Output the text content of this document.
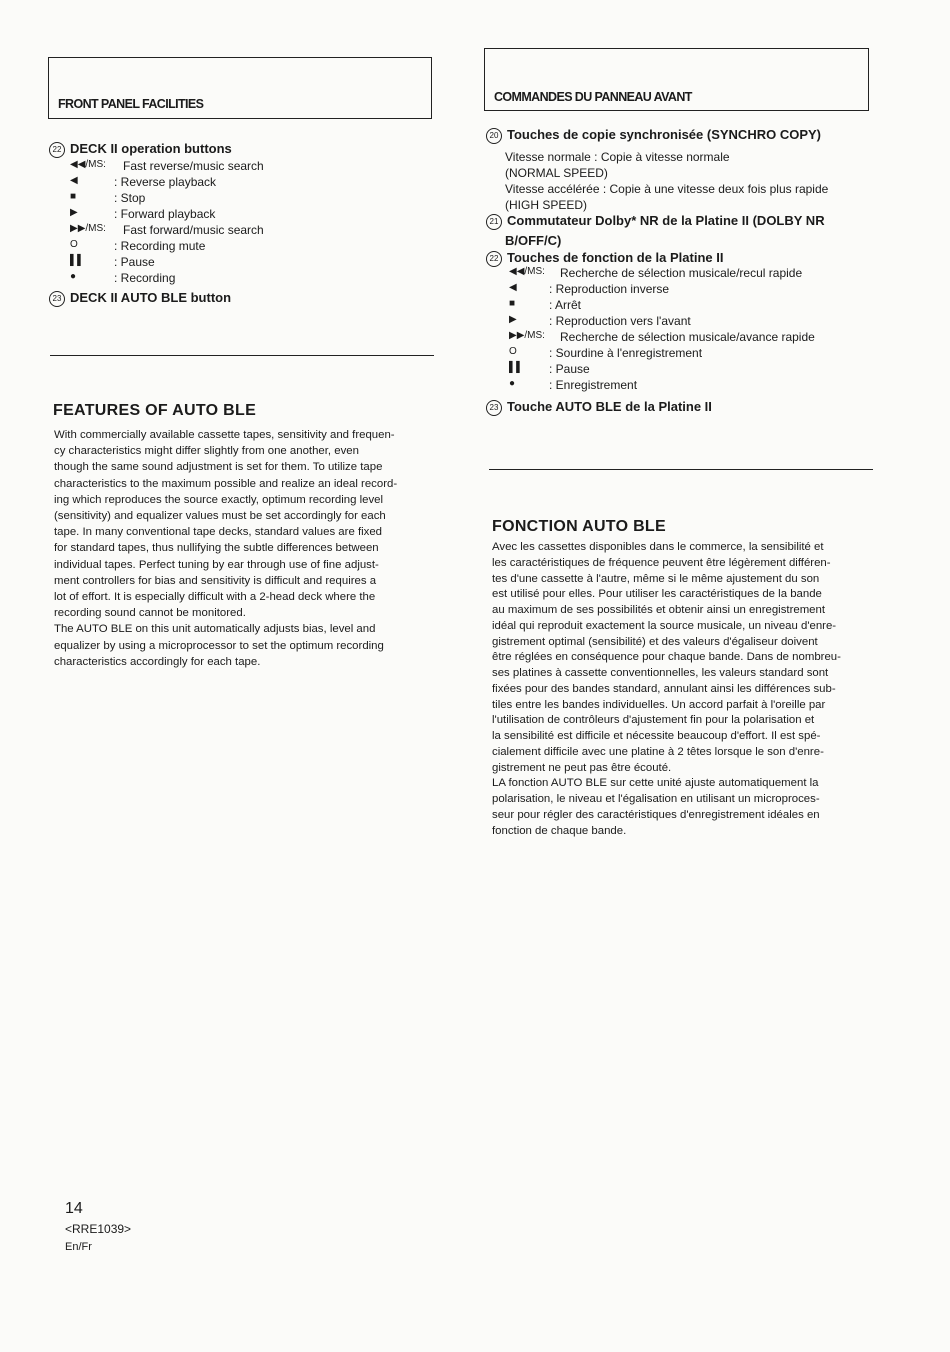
FRONT PANEL FACILITIES
22 DECK II operation buttons
◀◀/MS: Fast reverse/music search
◀	: Reverse playback
■	: Stop
▶	: Forward playback
▶▶/MS: Fast forward/music search
O	: Recording mute
▌▌ : Pause
●	: Recording
23 DECK II AUTO BLE button
FEATURES OF AUTO BLE
With commercially available cassette tapes, sensitivity and frequen-
cy characteristics might differ slightly from one another, even
though the same sound adjustment is set for them. To utilize tape
characteristics to the maximum possible and realize an ideal record-
ing which reproduces the source exactly, optimum recording level
(sensitivity) and equalizer values must be set accordingly for each
tape. In many conventional tape decks, standard values are fixed
for standard tapes, thus nullifying the subtle differences between
individual tapes. Perfect tuning by ear through use of fine adjust-
ment controllers for bias and sensitivity is difficult and requires a
lot of effort. It is especially difficult with a 2-head deck where the
recording sound cannot be monitored.
The AUTO BLE on this unit automatically adjusts bias, level and
equalizer by using a microprocessor to set the optimum recording
characteristics accordingly for each tape.
COMMANDES DU PANNEAU AVANT
20 Touches de copie synchronisée (SYNCHRO COPY)
Vitesse normale : Copie à vitesse normale
(NORMAL SPEED)
Vitesse accélérée : Copie à une vitesse deux fois plus rapide
(HIGH SPEED)
21 Commutateur Dolby* NR de la Platine II (DOLBY NR
B/OFF/C)
22 Touches de fonction de la Platine II
◀◀/MS: Recherche de sélection musicale/recul rapide
◀	: Reproduction inverse
■	: Arrêt
▶	: Reproduction vers l'avant
▶▶/MS: Recherche de sélection musicale/avance rapide
O	: Sourdine à l'enregistrement
▌▌ : Pause
●	: Enregistrement
23 Touche AUTO BLE de la Platine II
FONCTION AUTO BLE
Avec les cassettes disponibles dans le commerce, la sensibilité et
les caractéristiques de fréquence peuvent être légèrement différen-
tes d'une cassette à l'autre, même si le même ajustement du son
est utilisé pour elles. Pour utiliser les caractéristiques de la bande
au maximum de ses possibilités et obtenir ainsi un enregistrement
idéal qui reproduit exactement la source musicale, un niveau d'enre-
gistrement optimal (sensibilité) et des valeurs d'égaliseur doivent
être réglées en conséquence pour chaque bande. Dans de nombreu-
ses platines à cassette conventionnelles, les valeurs standard sont
fixées pour des bandes standard, annulant ainsi les différences sub-
tiles entre les bandes individuelles. Un accord parfait à l'oreille par
l'utilisation de contrôleurs d'ajustement fin pour la polarisation et
la sensibilité est difficile et nécessite beaucoup d'effort. Il est spé-
cialement difficile avec une platine à 2 têtes lorsque le son d'enre-
gistrement ne peut pas être écouté.
LA fonction AUTO BLE sur cette unité ajuste automatiquement la
polarisation, le niveau et l'égalisation en utilisant un microproces-
seur pour régler des caractéristiques d'enregistrement idéales en
fonction de chaque bande.
14
<RRE1039>
En/Fr
